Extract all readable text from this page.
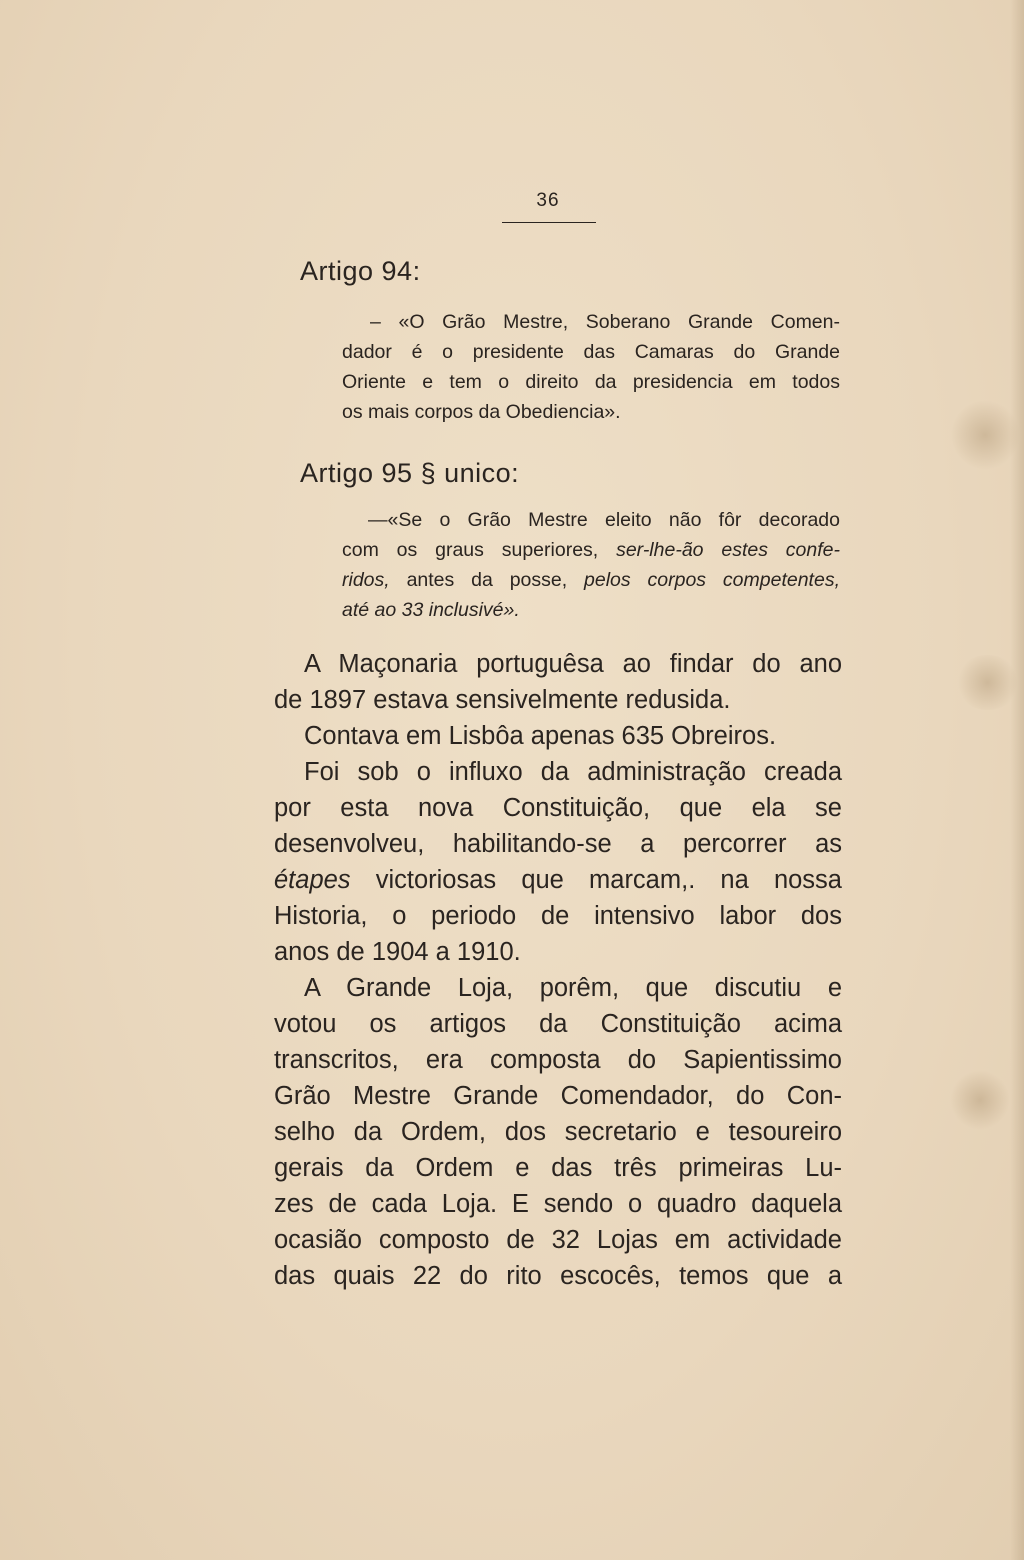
36
Artigo 94:
– «O Grão Mestre, Soberano Grande Comen-
dador é o presidente das Camaras do Grande
Oriente e tem o direito da presidencia em todos
os mais corpos da Obediencia».
Artigo 95 § unico:
—«Se o Grão Mestre eleito não fôr decorado
com os graus superiores, ser-lhe-ão estes confe-
ridos, antes da posse, pelos corpos competentes,
até ao 33 inclusivé».
A Maçonaria portuguêsa ao findar do ano
de 1897 estava sensivelmente redusida.
Contava em Lisbôa apenas 635 Obreiros.
Foi sob o influxo da administração creada
por esta nova Constituição, que ela se
desenvolveu, habilitando-se a percorrer as
étapes victoriosas que marcam,. na nossa
Historia, o periodo de intensivo labor dos
anos de 1904 a 1910.
A Grande Loja, porêm, que discutiu e
votou os artigos da Constituição acima
transcritos, era composta do Sapientissimo
Grão Mestre Grande Comendador, do Con-
selho da Ordem, dos secretario e tesoureiro
gerais da Ordem e das três primeiras Lu-
zes de cada Loja. E sendo o quadro daquela
ocasião composto de 32 Lojas em actividade
das quais 22 do rito escocês, temos que a
